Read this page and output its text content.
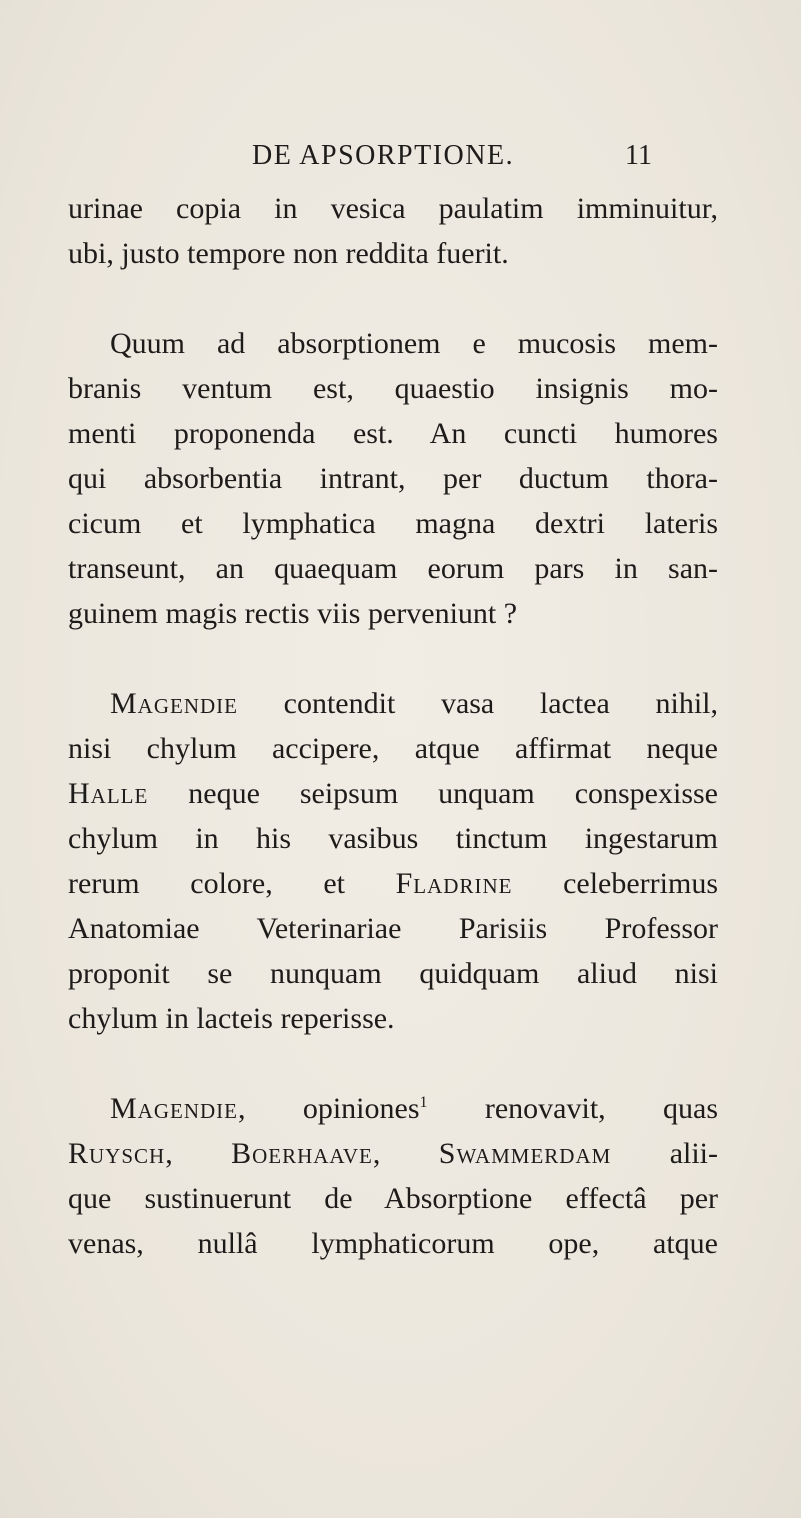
DE APSORPTIONE.	11

urinae copia in vesica paulatim imminuitur,
ubi, justo tempore non reddita fuerit.

Quum ad absorptionem e mucosis mem-
branis ventum est, quaestio insignis mo-
menti proponenda est. An cuncti humores
qui absorbentia intrant, per ductum thora-
cicum et lymphatica magna dextri lateris
transeunt, an quaequam eorum pars in san-
guinem magis rectis viis perveniunt ?

Magendie contendit vasa lactea nihil,
nisi chylum accipere, atque affirmat neque
Halle neque seipsum unquam conspexisse
chylum in his vasibus tinctum ingestarum
rerum colore, et Fladrine celeberrimus
Anatomiae Veterinariae Parisiis Professor
proponit se nunquam quidquam aliud nisi
chylum in lacteis reperisse.

Magendie, opiniones$^1$ renovavit, quas
Ruysch, Boerhaave, Swammerdam alii-
que sustinuerunt de Absorptione effectâ per
venas, nullâ lymphaticorum ope, atque
